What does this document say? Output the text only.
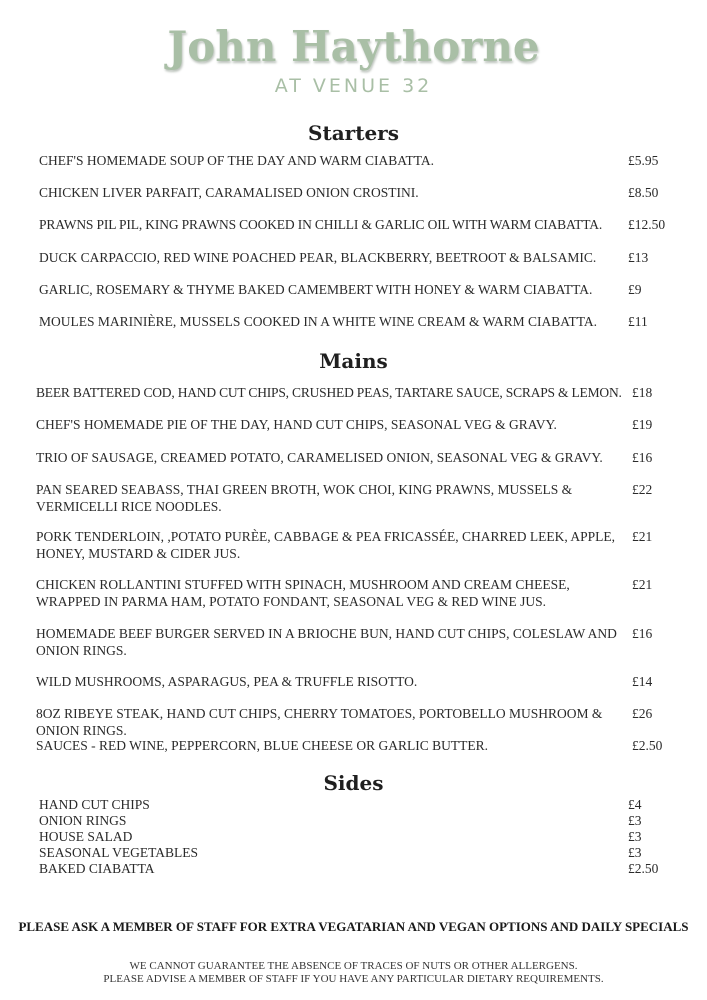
John Haythorne
AT VENUE 32
Starters
CHEF'S HOMEMADE SOUP OF THE DAY AND WARM CIABATTA.	£5.95
CHICKEN LIVER PARFAIT, CARAMALISED ONION CROSTINI.	£8.50
PRAWNS PIL PIL, KING PRAWNS COOKED IN CHILLI & GARLIC OIL WITH WARM CIABATTA. £12.50
DUCK CARPACCIO, RED WINE POACHED PEAR, BLACKBERRY, BEETROOT & BALSAMIC. £13
GARLIC, ROSEMARY & THYME BAKED CAMEMBERT WITH HONEY & WARM CIABATTA.	£9
MOULES MARINIÈRE, MUSSELS COOKED IN A WHITE WINE CREAM & WARM CIABATTA. £11
Mains
BEER BATTERED COD, HAND CUT CHIPS, CRUSHED PEAS, TARTARE SAUCE, SCRAPS & LEMON. £18
CHEF'S HOMEMADE PIE OF THE DAY, HAND CUT CHIPS, SEASONAL VEG & GRAVY.	£19
TRIO OF SAUSAGE, CREAMED POTATO, CARAMELISED ONION, SEASONAL VEG & GRAVY. £16
PAN SEARED SEABASS, THAI GREEN BROTH, WOK CHOI, KING PRAWNS, MUSSELS &
VERMICELLI RICE NOODLES.
£22
PORK TENDERLOIN, ,POTATO PURÈE, CABBAGE & PEA FRICASSÉE, CHARRED LEEK, APPLE,
HONEY, MUSTARD & CIDER JUS.
£21
CHICKEN ROLLANTINI STUFFED WITH SPINACH, MUSHROOM AND CREAM CHEESE,
WRAPPED IN PARMA HAM, POTATO FONDANT, SEASONAL VEG & RED WINE JUS.
£21
HOMEMADE BEEF BURGER SERVED IN A BRIOCHE BUN, HAND CUT CHIPS, COLESLAW AND
ONION RINGS.
£16
WILD MUSHROOMS, ASPARAGUS, PEA & TRUFFLE RISOTTO.	£14
8OZ RIBEYE STEAK, HAND CUT CHIPS, CHERRY TOMATOES, PORTOBELLO MUSHROOM &
ONION RINGS.
£26
SAUCES - RED WINE, PEPPERCORN, BLUE CHEESE OR GARLIC BUTTER.	£2.50
Sides
HAND CUT CHIPS	£4
ONION RINGS	£3
HOUSE SALAD	£3
SEASONAL VEGETABLES	£3
BAKED CIABATTA	£2.50
PLEASE ASK A MEMBER OF STAFF FOR EXTRA VEGATARIAN AND VEGAN OPTIONS AND DAILY SPECIALS
WE CANNOT GUARANTEE THE ABSENCE OF TRACES OF NUTS OR OTHER ALLERGENS.
PLEASE ADVISE A MEMBER OF STAFF IF YOU HAVE ANY PARTICULAR DIETARY REQUIREMENTS.
